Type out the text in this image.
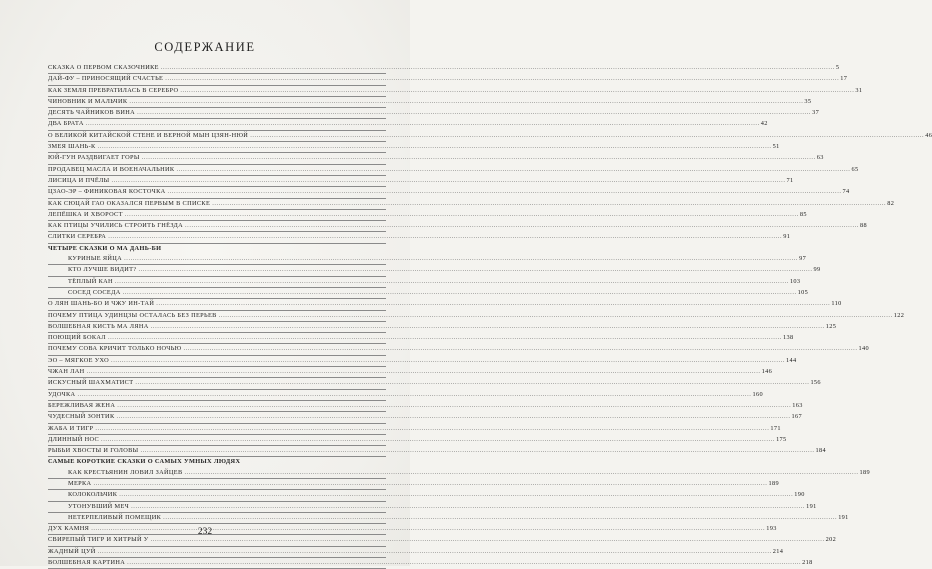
СОДЕРЖАНИЕ
СКАЗКА О ПЕРВОМ СКАЗОЧНИКЕ .....	5
ДАЙ-ФУ – ПРИНОСЯЩИЙ СЧАСТЬЕ .....	17
КАК ЗЕМЛЯ ПРЕВРАТИЛАСЬ В СЕРЕБРО .....	31
ЧИНОВНИК И МАЛЬЧИК .....	35
ДЕСЯТЬ ЧАЙНИКОВ ВИНА .....	37
ДВА БРАТА .....	42
О ВЕЛИКОЙ КИТАЙСКОЙ СТЕНЕ И ВЕРНОЙ МЫН ЦЗЯН-НЮЙ .....	46
ЗМЕЯ ШАНЬ-К .....	51
ЮЙ-ГУН РАЗДВИГАЕТ ГОРЫ .....	63
ПРОДАВЕЦ МАСЛА И ВОЕНАЧАЛЬНИК .....	65
ЛИСИЦА И ПЧЁЛЫ .....	71
ЦЗАО-ЭР – ФИНИКОВАЯ КОСТОЧКА .....	74
КАК СЮЦАЙ ГАО ОКАЗАЛСЯ ПЕРВЫМ В СПИСКЕ .....	82
ЛЕПЁШКА И ХВОРОСТ .....	85
КАК ПТИЦЫ УЧИЛИСЬ СТРОИТЬ ГНЁЗДА .....	88
СЛИТКИ СЕРЕБРА .....	91
ЧЕТЫРЕ СКАЗКИ О МА ДАНЬ-БИ
КУРИНЫЕ ЯЙЦА .....	97
КТО ЛУЧШЕ ВИДИТ? .....	99
ТЁПЛЫЙ КАН .....	103
СОСЕД СОСЕДА .....	105
О ЛЯН ШАНЬ-БО И ЧЖУ ИН-ТАЙ .....	110
ПОЧЕМУ ПТИЦА УДИНЦЗЫ ОСТАЛАСЬ БЕЗ ПЕРЬЕВ .....	122
ВОЛШЕБНАЯ КИСТЬ МА ЛЯНА .....	125
ПОЮЩИЙ БОКАЛ .....	138
ПОЧЕМУ СОВА КРИЧИТ ТОЛЬКО НОЧЬЮ .....	140
ЭО – МЯГКОЕ УХО .....	144
ЧЖАН ЛАН .....	146
ИСКУСНЫЙ ШАХМАТИСТ .....	156
УДОЧКА .....	160
БЕРЕЖЛИВАЯ ЖЕНА .....	163
ЧУДЕСНЫЙ ЗОНТИК .....	167
ЖАБА И ТИГР .....	171
ДЛИННЫЙ НОС .....	175
РЫБЬИ ХВОСТЫ И ГОЛОВЫ .....	184
САМЫЕ КОРОТКИЕ СКАЗКИ О САМЫХ УМНЫХ ЛЮДЯХ
КАК КРЕСТЬЯНИН ЛОВИЛ ЗАЙЦЕВ .....	189
МЕРКА .....	189
КОЛОКОЛЬЧИК .....	190
УТОНУВШИЙ МЕЧ .....	191
НЕТЕРПЕЛИВЫЙ ПОМЕЩИК .....	191
ДУХ КАМНЯ .....	193
СВИРЕПЫЙ ТИГР И ХИТРЫЙ У .....	202
ЖАДНЫЙ ЦУЙ .....	214
ВОЛШЕБНАЯ КАРТИНА .....	218
232
